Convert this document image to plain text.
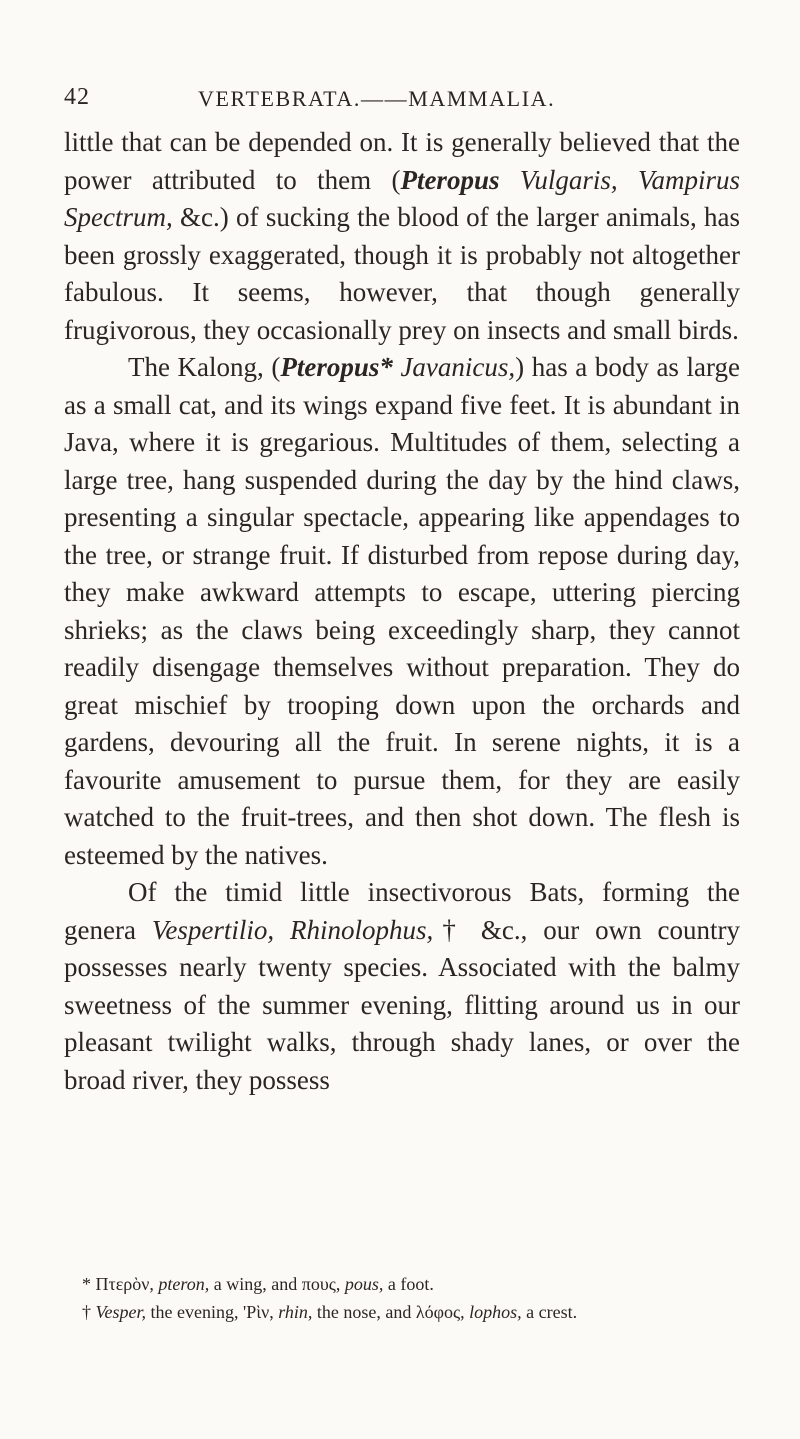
42	VERTEBRATA.——MAMMALIA.

little that can be depended on. It is generally believed that the power attributed to them (Pteropus Vulgaris, Vampirus Spectrum, &c.) of sucking the blood of the larger animals, has been grossly exaggerated, though it is probably not altogether fabulous. It seems, however, that though generally frugivorous, they occasionally prey on insects and small birds.

The Kalong, (Pteropus* Javanicus,) has a body as large as a small cat, and its wings expand five feet. It is abundant in Java, where it is gregarious. Multitudes of them, selecting a large tree, hang suspended during the day by the hind claws, presenting a singular spectacle, appearing like appendages to the tree, or strange fruit. If disturbed from repose during day, they make awkward attempts to escape, uttering piercing shrieks; as the claws being exceedingly sharp, they cannot readily disengage themselves without preparation. They do great mischief by trooping down upon the orchards and gardens, devouring all the fruit. In serene nights, it is a favourite amusement to pursue them, for they are easily watched to the fruit-trees, and then shot down. The flesh is esteemed by the natives.

Of the timid little insectivorous Bats, forming the genera Vespertilio, Rhinolophus,† &c., our own country possesses nearly twenty species. Associated with the balmy sweetness of the summer evening, flitting around us in our pleasant twilight walks, through shady lanes, or over the broad river, they possess

* Πτερὸν, pteron, a wing, and πους, pous, a foot.

† Vesper, the evening, 'Ρὶν, rhin, the nose, and λόφος, lophos, a crest.
